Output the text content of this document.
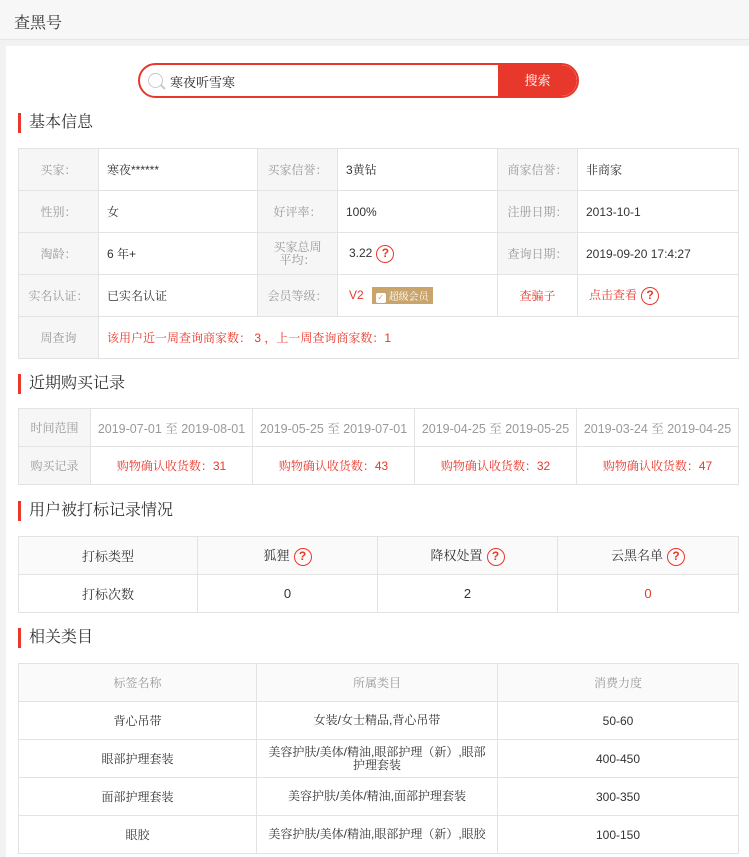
查黑号
寒夜听雪寒
搜索
基本信息
买家：	寒夜******	买家信誉：	3黄钻	商家信誉：	非商家
性别：	女	好评率：	100%	注册日期：	2013-10-1
淘龄：	6 年+	买家总周平均：	3.22 ?	查询日期：	2019-09-20 17:4:27
实名认证：	已实名认证	会员等级：	V2 ✓ 超级会员	查骗子	点击查看 ?
周查询	该用户近一周查询商家数： 3 ，上一周查询商家数：1				
近期购买记录
时间范围	2019-07-01 至 2019-08-01	2019-05-25 至 2019-07-01	2019-04-25 至 2019-05-25	2019-03-24 至 2019-04-25
购买记录	购物确认收货数：31	购物确认收货数：43	购物确认收货数：32	购物确认收货数：47
用户被打标记录情况
打标类型	狐狸 ?	降权处置 ?	云黑名单 ?
打标次数	0	2	0
相关类目
标签名称	所属类目	消费力度
背心吊带	女装/女士精品,背心吊带	50-60
眼部护理套装	美容护肤/美体/精油,眼部护理（新）,眼部护理套装	400-450
面部护理套装	美容护肤/美体/精油,面部护理套装	300-350
眼胶	美容护肤/美体/精油,眼部护理（新）,眼胶	100-150
